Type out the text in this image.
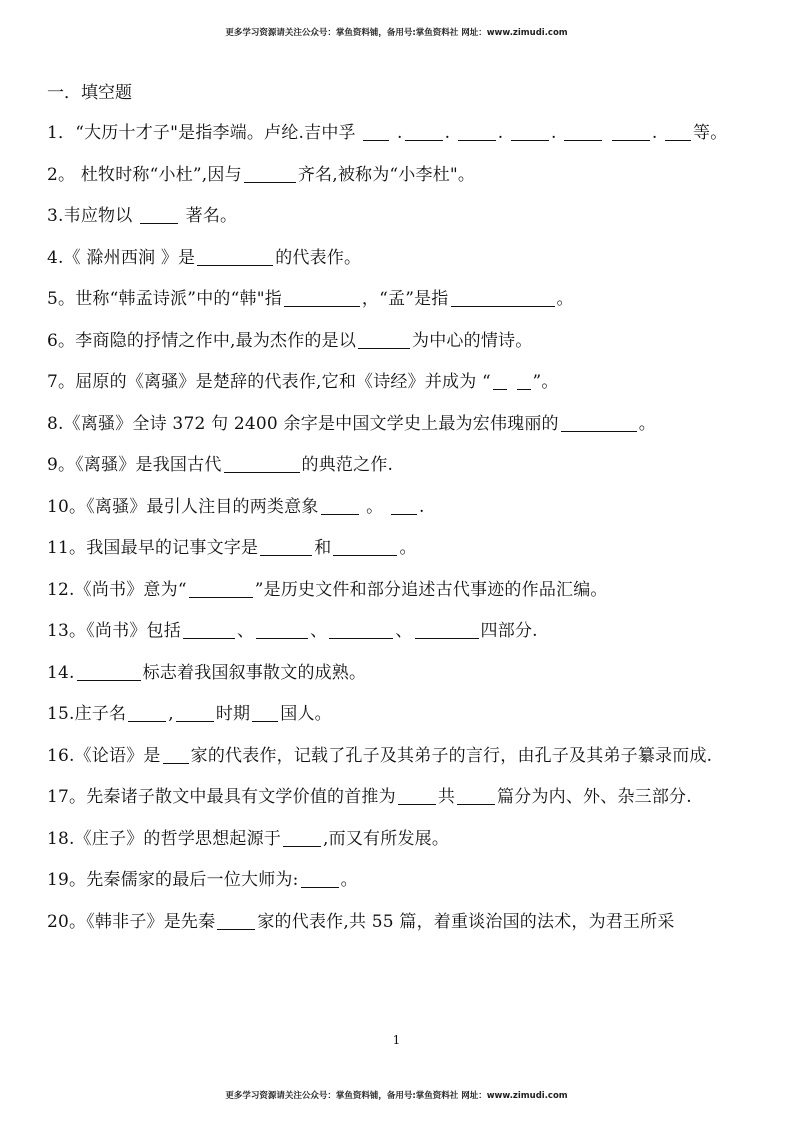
更多学习资源请关注公众号：掌鱼资料铺，备用号:掌鱼资料社 网址：www.zimudi.com
一．填空题
1．“大历十才子"是指李端。卢纶.吉中孚  . . . .	. 等。
2。 杜牧时称“小杜”,因与	齐名,被称为“小李杜"。
3.韦应物以  著名。
4.《 滁州西涧 》是	的代表作。
5。世称“韩孟诗派”中的“韩"指	，“孟”是指	。
6。李商隐的抒情之作中,最为杰作的是以	为中心的情诗。
7。屈原的《离骚》是楚辞的代表作,它和《诗经》并成为 “ ”。
8.《离骚》全诗 372 句 2400 余字是中国文学史上最为宏伟瑰丽的	。
9。《离骚》是我国古代	的典范之作.
10。《离骚》最引人注目的两类意象 。 .
11。我国最早的记事文字是	和	。
12.《尚书》意为“	”是历史文件和部分追述古代事迹的作品汇编。
13。《尚书》包括	、	、	、	四部分.
14.	标志着我国叙事散文的成熟。
15.庄子名 , 时期 国人。
16.《论语》是 家的代表作，记载了孔子及其弟子的言行，由孔子及其弟子纂录而成.
17。先秦诸子散文中最具有文学价值的首推为 共 篇分为内、外、杂三部分.
18.《庄子》的哲学思想起源于 ,而又有所发展。
19。先秦儒家的最后一位大师为: 。
20。《韩非子》是先秦 家的代表作,共 55 篇，着重谈治国的法术，为君王所采
1
更多学习资源请关注公众号：掌鱼资料铺，备用号:掌鱼资料社 网址：www.zimudi.com
